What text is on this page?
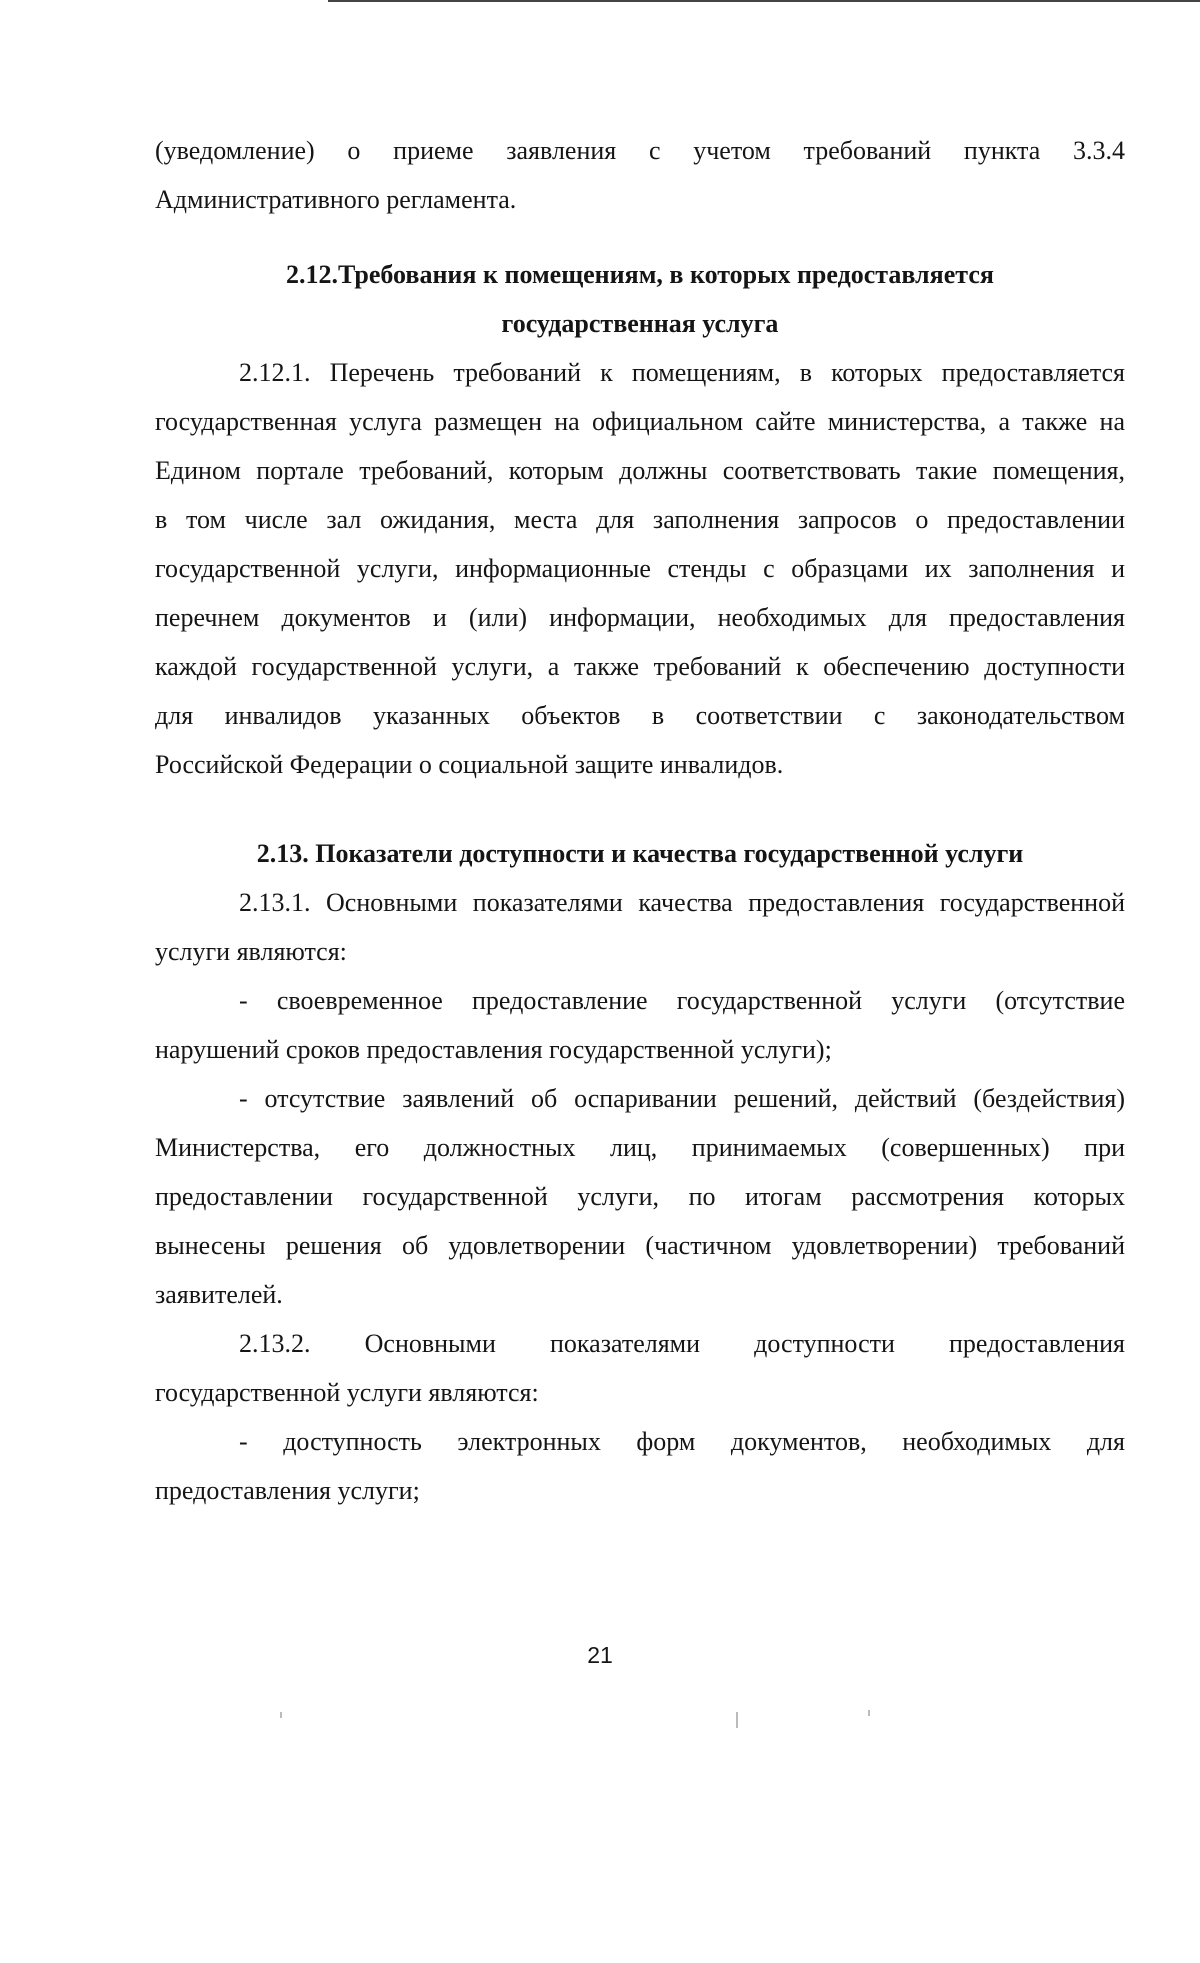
(уведомление) о приеме заявления с учетом требований пункта 3.3.4

Административного регламента.

2.12.Требования к помещениям, в которых предоставляется
государственная услуга

2.12.1. Перечень требований к помещениям, в которых предоставляется

государственная услуга размещен на официальном сайте министерства, а также на

Едином портале требований, которым должны соответствовать такие помещения,

в том числе зал ожидания, места для заполнения запросов о предоставлении

государственной услуги, информационные стенды с образцами их заполнения и

перечнем документов и (или) информации, необходимых для предоставления

каждой государственной услуги, а также требований к обеспечению доступности

для инвалидов указанных объектов в соответствии с законодательством

Российской Федерации о социальной защите инвалидов.

2.13. Показатели доступности и качества государственной услуги

2.13.1. Основными показателями качества предоставления государственной

услуги являются:

- своевременное предоставление государственной услуги (отсутствие

нарушений сроков предоставления государственной услуги);

- отсутствие заявлений об оспаривании решений, действий (бездействия)

Министерства, его должностных лиц, принимаемых (совершенных) при

предоставлении государственной услуги, по итогам рассмотрения которых

вынесены решения об удовлетворении (частичном удовлетворении) требований

заявителей.

2.13.2. Основными показателями доступности предоставления

государственной услуги являются:

- доступность электронных форм документов, необходимых для

предоставления услуги;

21
